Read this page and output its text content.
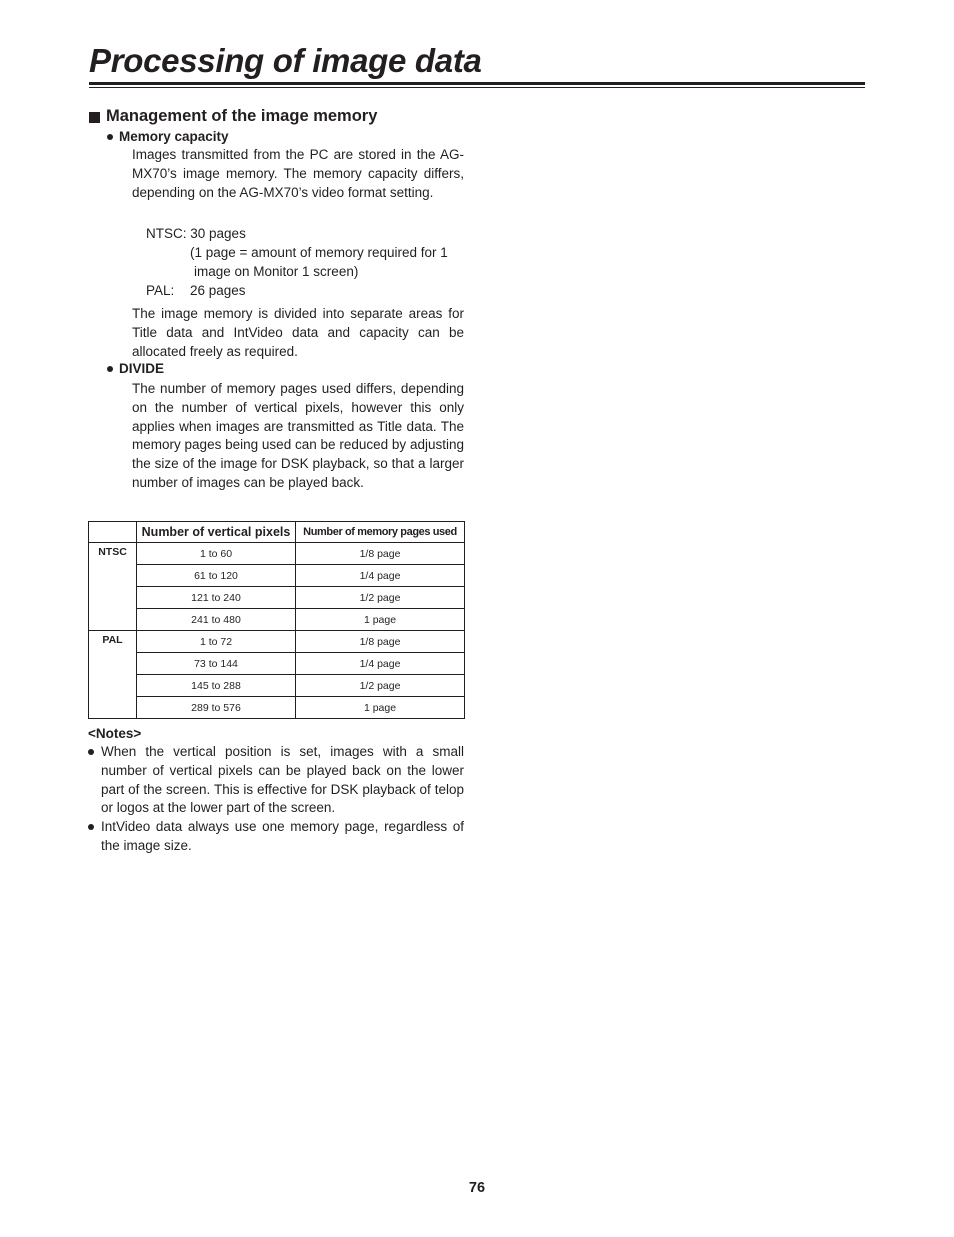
Processing of image data
Management of the image memory
Memory capacity

Images transmitted from the PC are stored in the AG-MX70’s image memory. The memory capacity differs, depending on the AG-MX70’s video format setting.

NTSC: 30 pages

(1 page = amount of memory required for 1

image on Monitor 1 screen)

PAL:	26 pages

The image memory is divided into separate areas for Title data and IntVideo data and capacity can be allocated freely as required.

DIVIDE

The number of memory pages used differs, depending on the number of vertical pixels, however this only applies when images are transmitted as Title data. The memory pages being used can be reduced by adjusting the size of the image for DSK playback, so that a larger number of images can be played back.

	Number of vertical pixels	Number of memory pages used
NTSC	1 to 60	1/8 page
	61 to 120	1/4 page
	121 to 240	1/2 page
	241 to 480	1 page
PAL	1 to 72	1/8 page
	73 to 144	1/4 page
	145 to 288	1/2 page
	289 to 576	1 page

<Notes>

When the vertical position is set, images with a small number of vertical pixels can be played back on the lower part of the screen. This is effective for DSK playback of telop or logos at the lower part of the screen.

IntVideo data always use one memory page, regardless of the image size.

76
